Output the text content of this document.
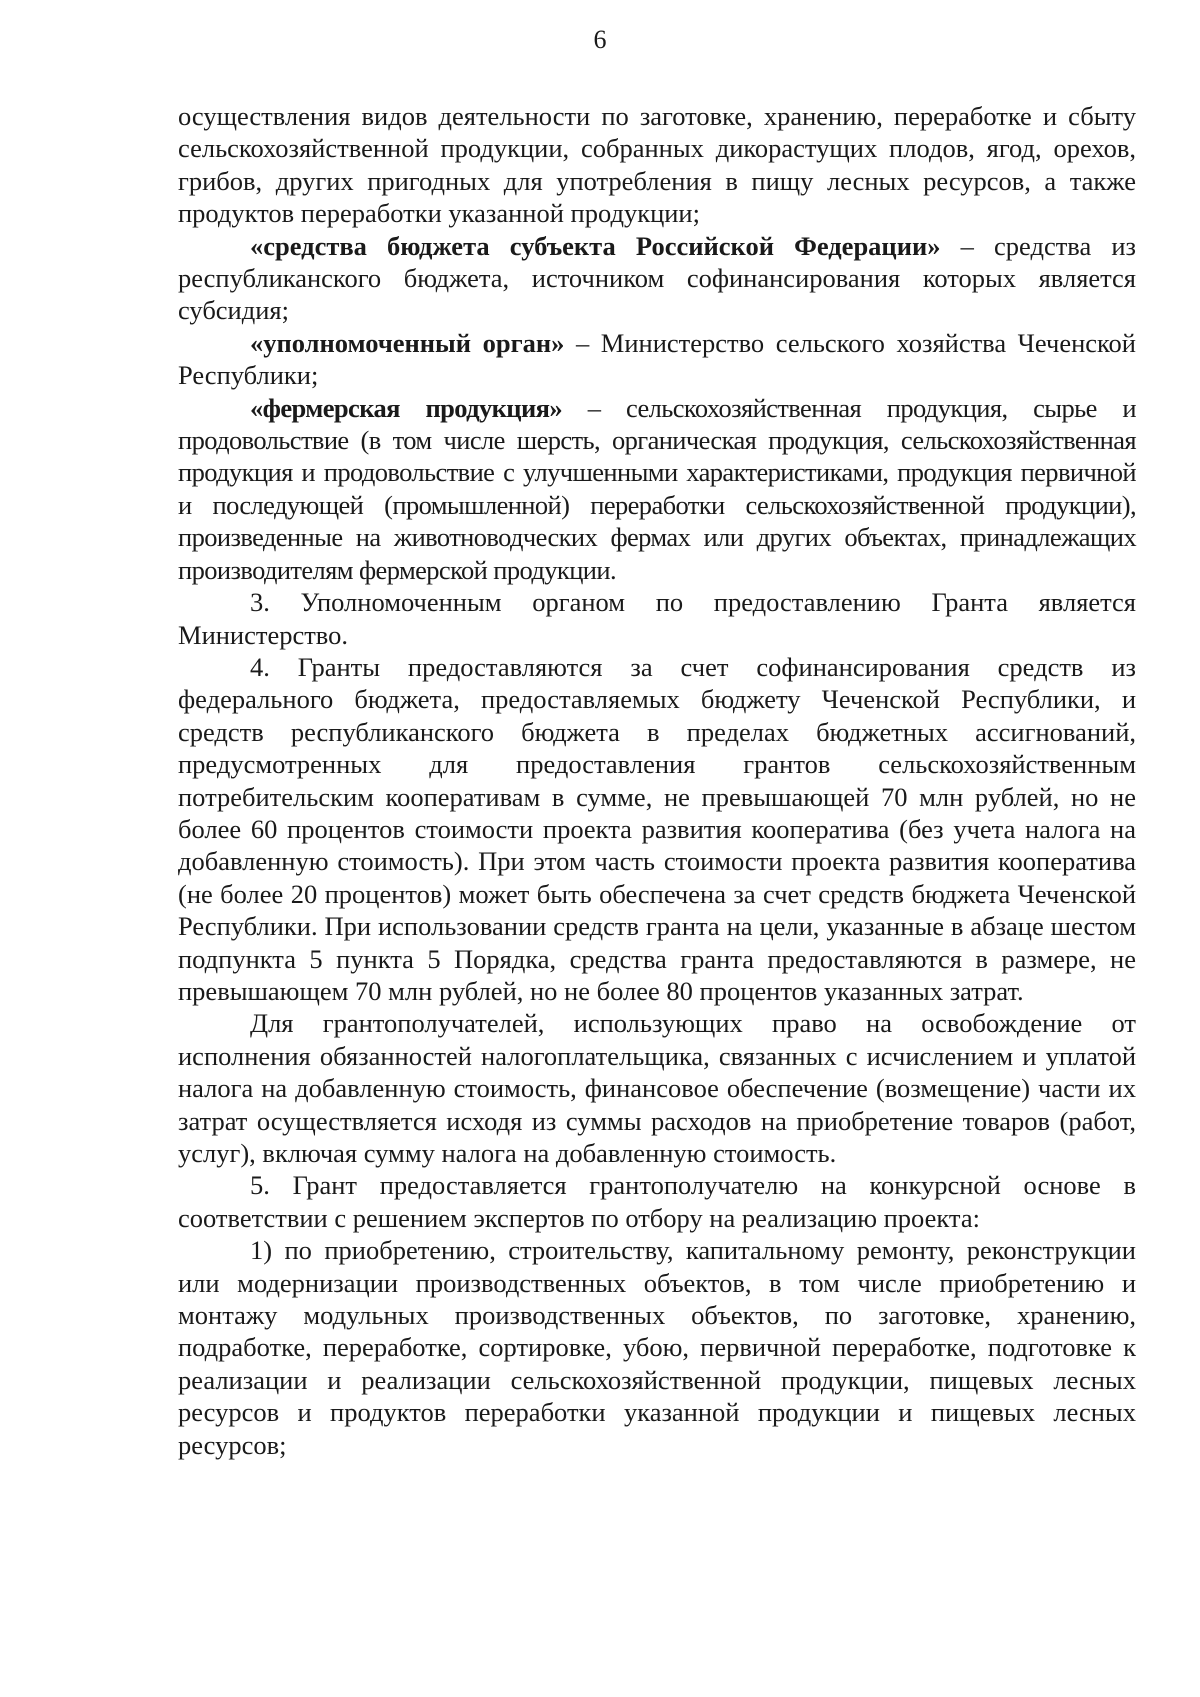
6

осуществления видов деятельности по заготовке, хранению, переработке и сбыту сельскохозяйственной продукции, собранных дикорастущих плодов, ягод, орехов, грибов, других пригодных для употребления в пищу лесных ресурсов, а также продуктов переработки указанной продукции;

«средства бюджета субъекта Российской Федерации» – средства из республиканского бюджета, источником софинансирования которых является субсидия;

«уполномоченный орган» – Министерство сельского хозяйства Чеченской Республики;

«фермерская продукция» – сельскохозяйственная продукция, сырье и продовольствие (в том числе шерсть, органическая продукция, сельскохозяйственная продукция и продовольствие с улучшенными характеристиками, продукция первичной и последующей (промышленной) переработки сельскохозяйственной продукции), произведенные на животноводческих фермах или других объектах, принадлежащих производителям фермерской продукции.

3. Уполномоченным органом по предоставлению Гранта является Министерство.

4. Гранты предоставляются за счет софинансирования средств из федерального бюджета, предоставляемых бюджету Чеченской Республики, и средств республиканского бюджета в пределах бюджетных ассигнований, предусмотренных для предоставления грантов сельскохозяйственным потребительским кооперативам в сумме, не превышающей 70 млн рублей, но не более 60 процентов стоимости проекта развития кооператива (без учета налога на добавленную стоимость). При этом часть стоимости проекта развития кооператива (не более 20 процентов) может быть обеспечена за счет средств бюджета Чеченской Республики. При использовании средств гранта на цели, указанные в абзаце шестом подпункта 5 пункта 5 Порядка, средства гранта предоставляются в размере, не превышающем 70 млн рублей, но не более 80 процентов указанных затрат.

Для грантополучателей, использующих право на освобождение от исполнения обязанностей налогоплательщика, связанных с исчислением и уплатой налога на добавленную стоимость, финансовое обеспечение (возмещение) части их затрат осуществляется исходя из суммы расходов на приобретение товаров (работ, услуг), включая сумму налога на добавленную стоимость.

5. Грант предоставляется грантополучателю на конкурсной основе в соответствии с решением экспертов по отбору на реализацию проекта:

1) по приобретению, строительству, капитальному ремонту, реконструкции или модернизации производственных объектов, в том числе приобретению и монтажу модульных производственных объектов, по заготовке, хранению, подработке, переработке, сортировке, убою, первичной переработке, подготовке к реализации и реализации сельскохозяйственной продукции, пищевых лесных ресурсов и продуктов переработки указанной продукции и пищевых лесных ресурсов;
